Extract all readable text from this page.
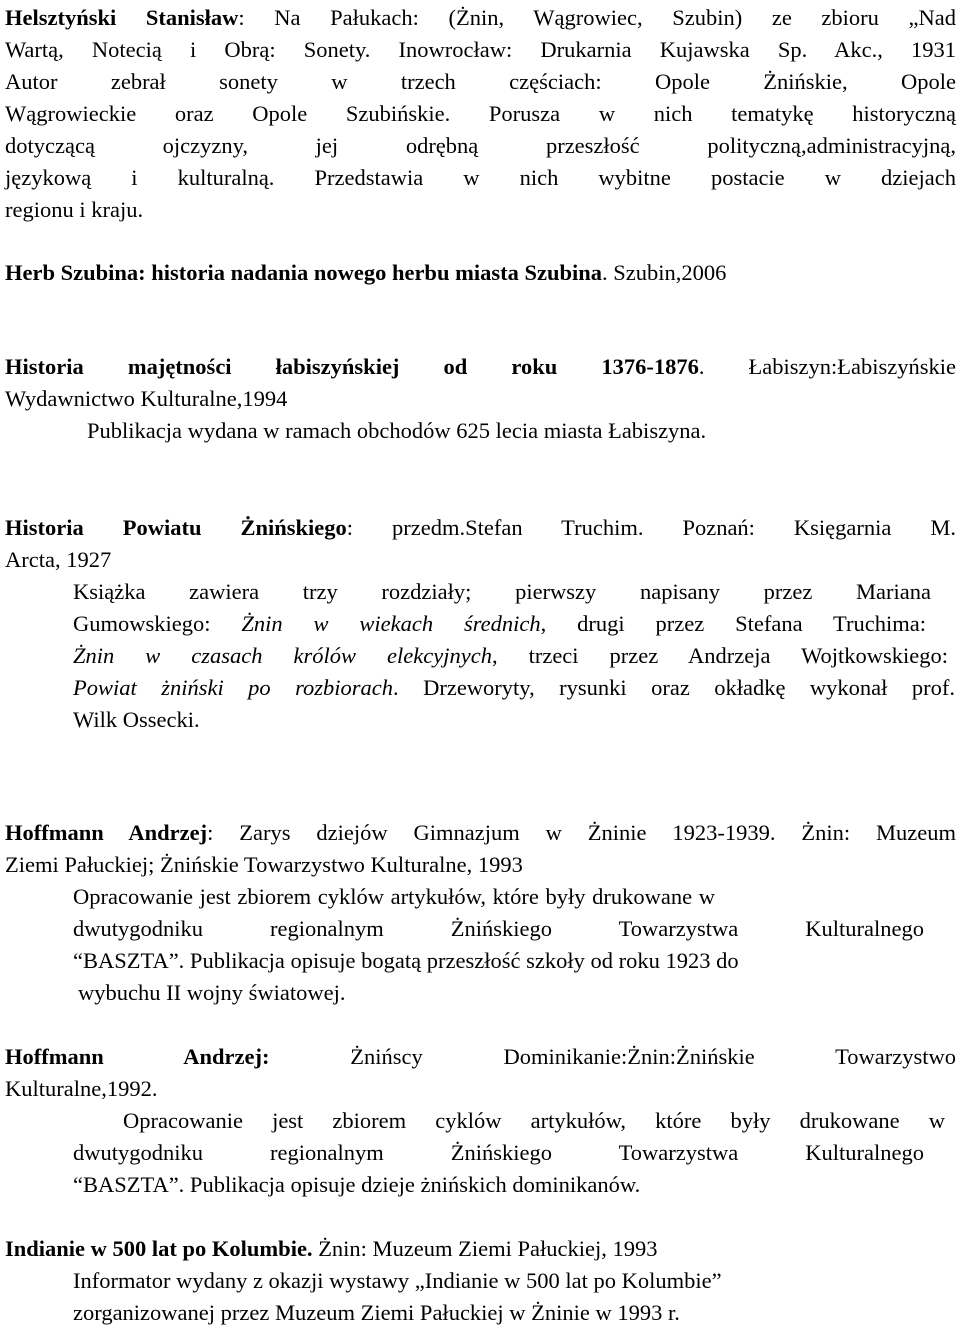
Helsztyński Stanisław: Na Pałukach: (Żnin, Wągrowiec, Szubin) ze zbioru „Nad
Wartą, Notecią i Obrą: Sonety. Inowrocław: Drukarnia Kujawska Sp. Akc., 1931
Autor zebrał sonety w trzech częściach: Opole Żnińskie, Opole
Wągrowieckie oraz Opole Szubińskie. Porusza w nich tematykę historyczną
dotyczącą ojczyzny, jej odrębną przeszłość polityczną,administracyjną,
językową i kulturalną. Przedstawia w nich wybitne postacie w dziejach
regionu i kraju.
Herb Szubina: historia nadania nowego herbu miasta Szubina. Szubin,2006
Historia majętności łabiszyńskiej od roku 1376-1876. Łabiszyn:Łabiszyńskie
Wydawnictwo Kulturalne,1994
Publikacja wydana w ramach obchodów 625 lecia miasta Łabiszyna.
Historia Powiatu Żnińskiego: przedm.Stefan Truchim. Poznań: Księgarnia M.
Arcta, 1927
Książka zawiera trzy rozdziały; pierwszy napisany przez Mariana
Gumowskiego: Żnin w wiekach średnich, drugi przez Stefana Truchima:
Żnin w czasach królów elekcyjnych, trzeci przez Andrzeja Wojtkowskiego:
Powiat żniński po rozbiorach. Drzeworyty, rysunki oraz okładkę wykonał prof.
Wilk Ossecki.
Hoffmann Andrzej: Zarys dziejów Gimnazjum w Żninie 1923-1939. Żnin: Muzeum
Ziemi Pałuckiej; Żnińskie Towarzystwo Kulturalne, 1993
Opracowanie jest zbiorem cyklów artykułów, które były drukowane w
dwutygodniku regionalnym Żnińskiego Towarzystwa Kulturalnego
“BASZTA”. Publikacja opisuje bogatą przeszłość szkoły od roku 1923 do
wybuchu II wojny światowej.
Hoffmann Andrzej: Żnińscy Dominikanie:Żnin:Żnińskie Towarzystwo
Kulturalne,1992.
Opracowanie jest zbiorem cyklów artykułów, które były drukowane w
dwutygodniku regionalnym Żnińskiego Towarzystwa Kulturalnego
“BASZTA”. Publikacja opisuje dzieje żnińskich dominikanów.
Indianie w 500 lat po Kolumbie. Żnin: Muzeum Ziemi Pałuckiej, 1993
Informator wydany z okazji wystawy „Indianie w 500 lat po Kolumbie”
zorganizowanej przez Muzeum Ziemi Pałuckiej w Żninie w 1993 r.
